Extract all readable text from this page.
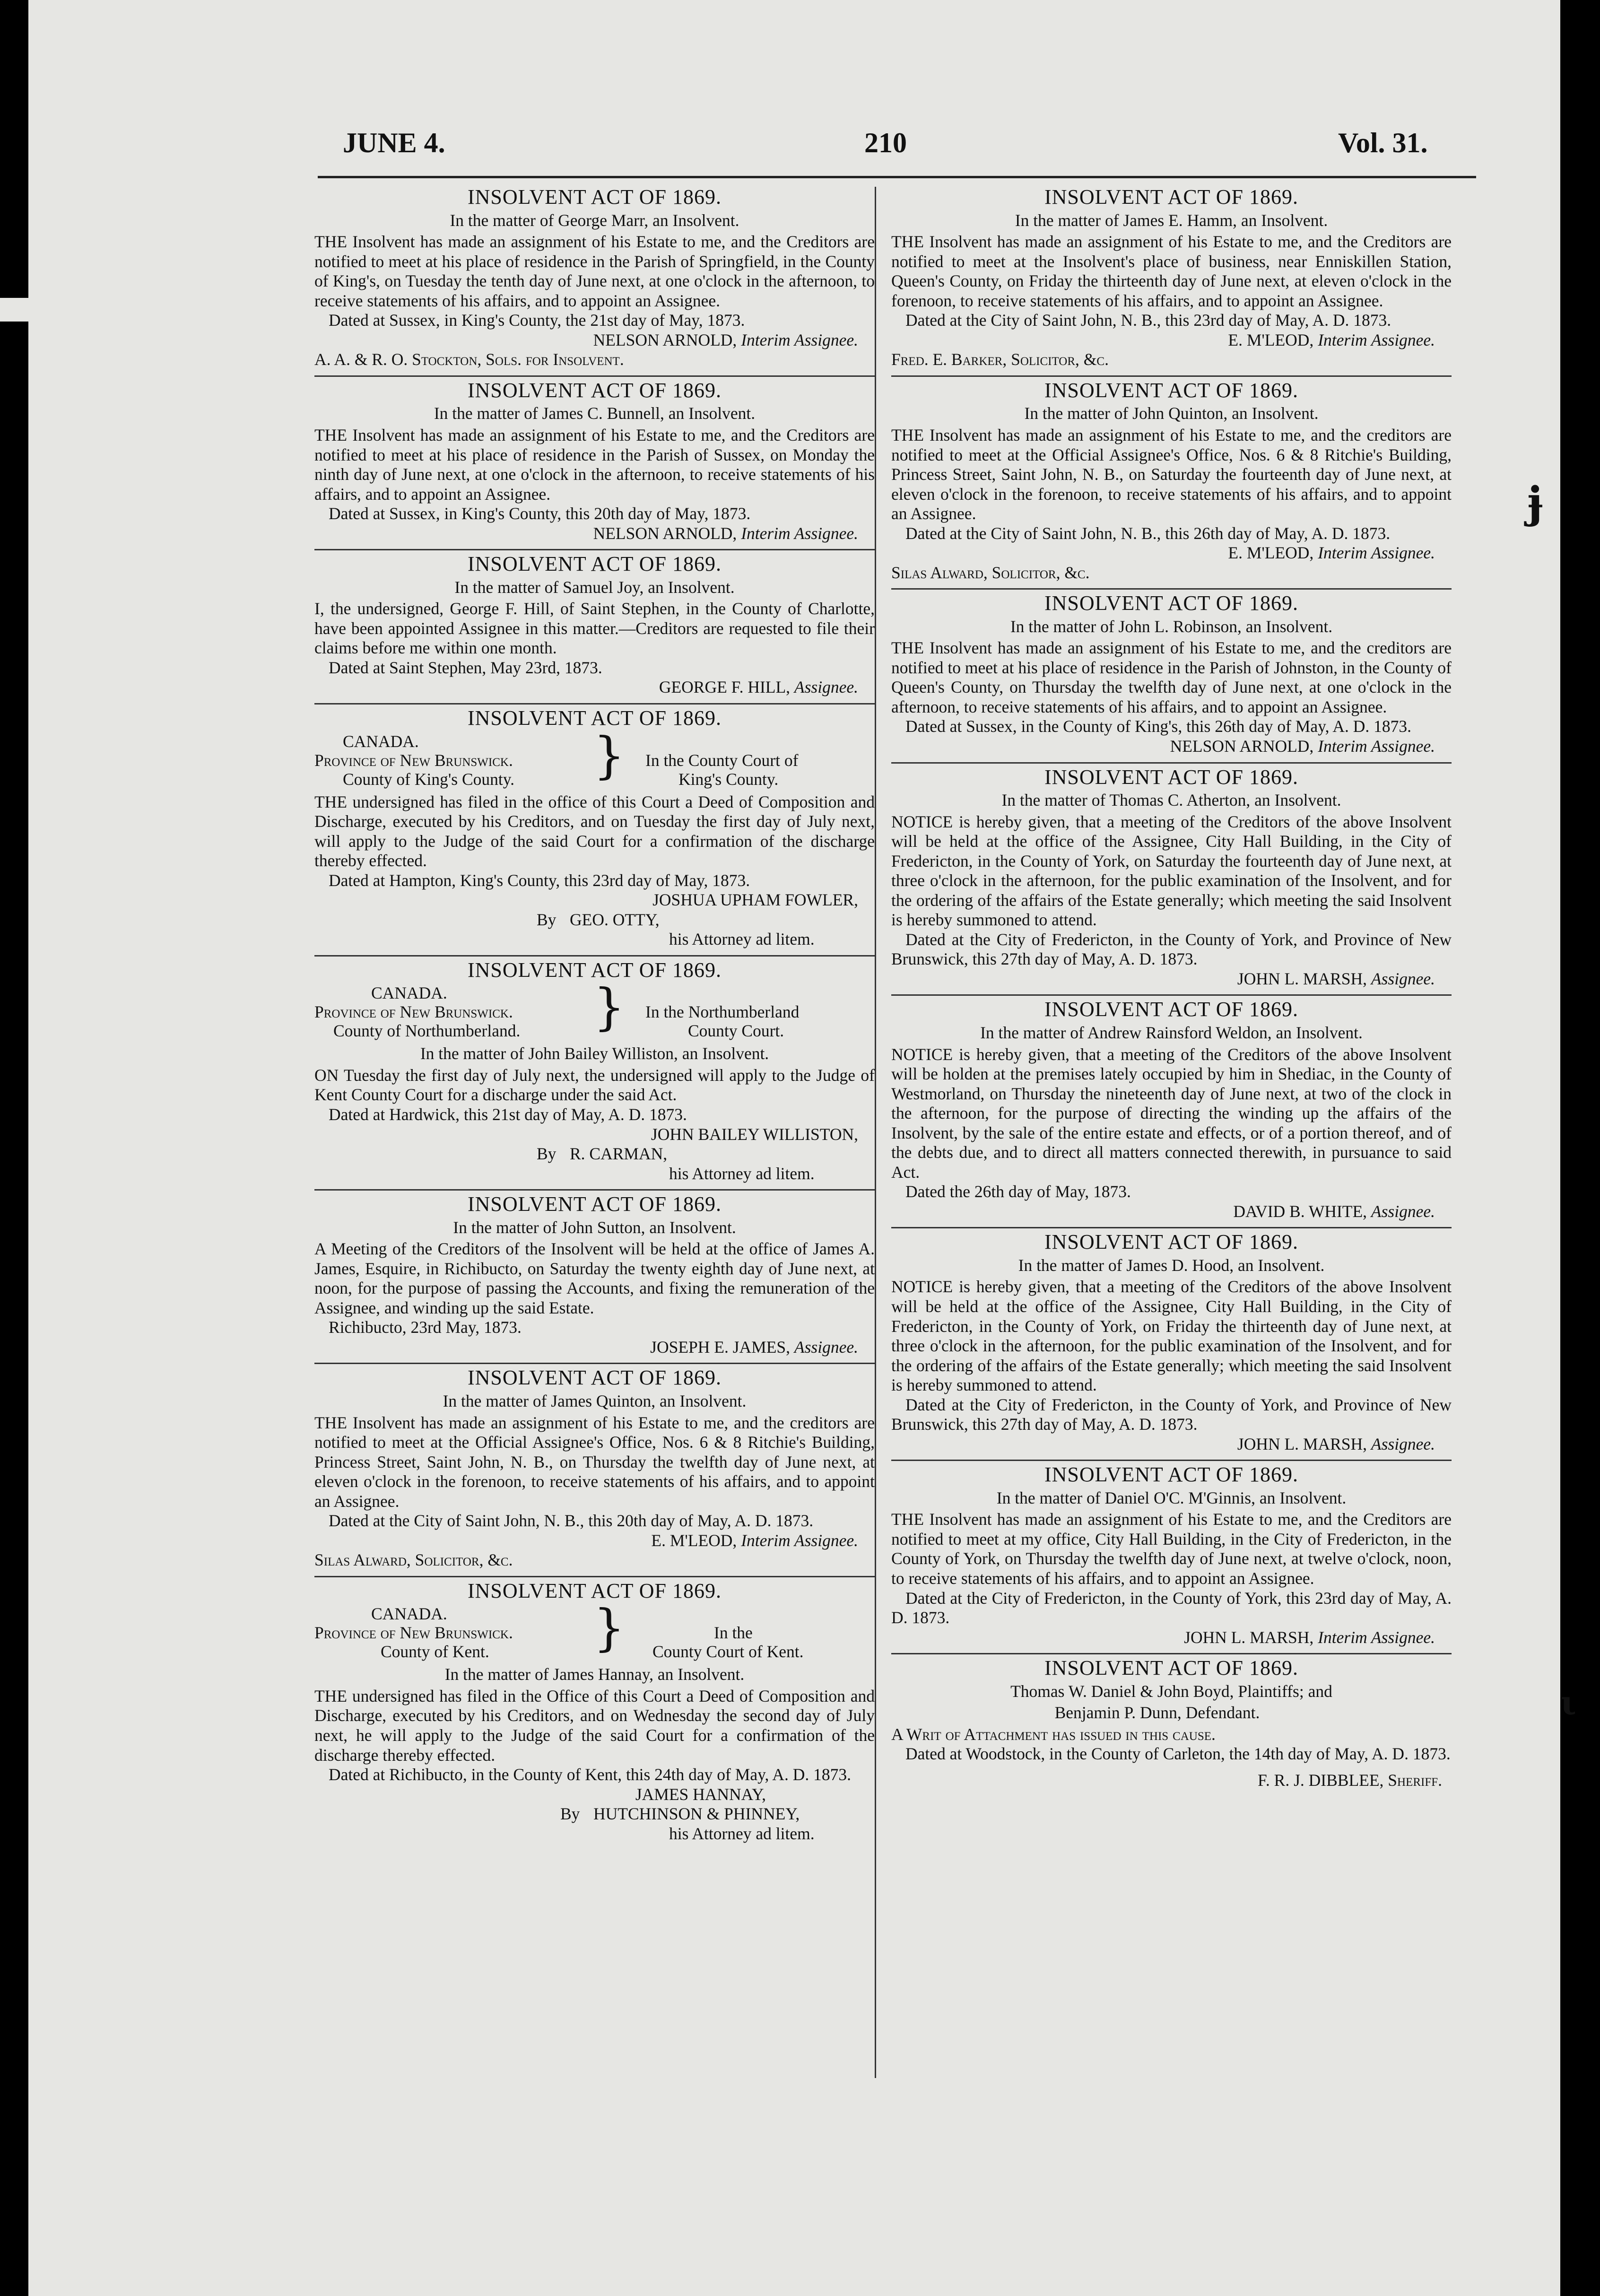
JUNE 4.	210	Vol. 31.

INSOLVENT ACT OF 1869.

In the matter of George Marr, an Insolvent.

THE Insolvent has made an assignment of his Estate to me, and the Creditors are notified to meet at his place of residence in the Parish of Springfield, in the County of King's, on Tuesday the tenth day of June next, at one o'clock in the afternoon, to receive statements of his affairs, and to appoint an Assignee.

Dated at Sussex, in King's County, the 21st day of May, 1873.

NELSON ARNOLD, Interim Assignee.

A. A. & R. O. Stockton, Sols. for Insolvent.

INSOLVENT ACT OF 1869.

In the matter of James C. Bunnell, an Insolvent.

THE Insolvent has made an assignment of his Estate to me, and the Creditors are notified to meet at his place of residence in the Parish of Sussex, on Monday the ninth day of June next, at one o'clock in the afternoon, to receive statements of his affairs, and to appoint an Assignee.

Dated at Sussex, in King's County, this 20th day of May, 1873.

NELSON ARNOLD, Interim Assignee.

INSOLVENT ACT OF 1869.

In the matter of Samuel Joy, an Insolvent.

I, the undersigned, George F. Hill, of Saint Stephen, in the County of Charlotte, have been appointed Assignee in this matter.—Creditors are requested to file their claims before me within one month.

Dated at Saint Stephen, May 23rd, 1873.

GEORGE F. HILL, Assignee.

INSOLVENT ACT OF 1869.

CANADA.
Province of New Brunswick.
County of King's County. } In the County Court of
King's County.

THE undersigned has filed in the office of this Court a Deed of Composition and Discharge, executed by his Creditors, and on Tuesday the first day of July next, will apply to the Judge of the said Court for a confirmation of the discharge thereby effected.

Dated at Hampton, King's County, this 23rd day of May, 1873.

JOSHUA UPHAM FOWLER,

By GEO. OTTY,

his Attorney ad litem.

INSOLVENT ACT OF 1869.

CANADA.
Province of New Brunswick.
County of Northumberland. } In the Northumberland
County Court.

In the matter of John Bailey Williston, an Insolvent.

ON Tuesday the first day of July next, the undersigned will apply to the Judge of Kent County Court for a discharge under the said Act.

Dated at Hardwick, this 21st day of May, A. D. 1873.

JOHN BAILEY WILLISTON,

By R. CARMAN,

his Attorney ad litem.

INSOLVENT ACT OF 1869.

In the matter of John Sutton, an Insolvent.

A Meeting of the Creditors of the Insolvent will be held at the office of James A. James, Esquire, in Richibucto, on Saturday the twenty eighth day of June next, at noon, for the purpose of passing the Accounts, and fixing the remuneration of the Assignee, and winding up the said Estate.

Richibucto, 23rd May, 1873.

JOSEPH E. JAMES, Assignee.

INSOLVENT ACT OF 1869.

In the matter of James Quinton, an Insolvent.

THE Insolvent has made an assignment of his Estate to me, and the creditors are notified to meet at the Official Assignee's Office, Nos. 6 & 8 Ritchie's Building, Princess Street, Saint John, N. B., on Thursday the twelfth day of June next, at eleven o'clock in the forenoon, to receive statements of his affairs, and to appoint an Assignee.

Dated at the City of Saint John, N. B., this 20th day of May, A. D. 1873.

E. M'LEOD, Interim Assignee.

Silas Alward, Solicitor, &c.

INSOLVENT ACT OF 1869.

CANADA.
Province of New Brunswick.
County of Kent. }	In the
County Court of Kent.

In the matter of James Hannay, an Insolvent.

THE undersigned has filed in the Office of this Court a Deed of Composition and Discharge, executed by his Creditors, and on Wednesday the second day of July next, he will apply to the Judge of the said Court for a confirmation of the discharge thereby effected.

Dated at Richibucto, in the County of Kent, this 24th day of May, A. D. 1873.

JAMES HANNAY,

By HUTCHINSON & PHINNEY,

his Attorney ad litem.

INSOLVENT ACT OF 1869.

In the matter of James E. Hamm, an Insolvent.

THE Insolvent has made an assignment of his Estate to me, and the Creditors are notified to meet at the Insolvent's place of business, near Enniskillen Station, Queen's County, on Friday the thirteenth day of June next, at eleven o'clock in the forenoon, to receive statements of his affairs, and to appoint an Assignee.

Dated at the City of Saint John, N. B., this 23rd day of May, A. D. 1873.

E. M'LEOD, Interim Assignee.

Fred. E. Barker, Solicitor, &c.

INSOLVENT ACT OF 1869.

In the matter of John Quinton, an Insolvent.

THE Insolvent has made an assignment of his Estate to me, and the creditors are notified to meet at the Official Assignee's Office, Nos. 6 & 8 Ritchie's Building, Princess Street, Saint John, N. B., on Saturday the fourteenth day of June next, at eleven o'clock in the forenoon, to receive statements of his affairs, and to appoint an Assignee.

Dated at the City of Saint John, N. B., this 26th day of May, A. D. 1873.

E. M'LEOD, Interim Assignee.

Silas Alward, Solicitor, &c.

INSOLVENT ACT OF 1869.

In the matter of John L. Robinson, an Insolvent.

THE Insolvent has made an assignment of his Estate to me, and the creditors are notified to meet at his place of residence in the Parish of Johnston, in the County of Queen's County, on Thursday the twelfth day of June next, at one o'clock in the afternoon, to receive statements of his affairs, and to appoint an Assignee.

Dated at Sussex, in the County of King's, this 26th day of May, A. D. 1873.

NELSON ARNOLD, Interim Assignee.

INSOLVENT ACT OF 1869.

In the matter of Thomas C. Atherton, an Insolvent.

NOTICE is hereby given, that a meeting of the Creditors of the above Insolvent will be held at the office of the Assignee, City Hall Building, in the City of Fredericton, in the County of York, on Saturday the fourteenth day of June next, at three o'clock in the afternoon, for the public examination of the Insolvent, and for the ordering of the affairs of the Estate generally; which meeting the said Insolvent is hereby summoned to attend.

Dated at the City of Fredericton, in the County of York, and Province of New Brunswick, this 27th day of May, A. D. 1873.

JOHN L. MARSH, Assignee.

INSOLVENT ACT OF 1869.

In the matter of Andrew Rainsford Weldon, an Insolvent.

NOTICE is hereby given, that a meeting of the Creditors of the above Insolvent will be holden at the premises lately occupied by him in Shediac, in the County of Westmorland, on Thursday the nineteenth day of June next, at two of the clock in the afternoon, for the purpose of directing the winding up the affairs of the Insolvent, by the sale of the entire estate and effects, or of a portion thereof, and of the debts due, and to direct all matters connected therewith, in pursuance to said Act.

Dated the 26th day of May, 1873.

DAVID B. WHITE, Assignee.

INSOLVENT ACT OF 1869.

In the matter of James D. Hood, an Insolvent.

NOTICE is hereby given, that a meeting of the Creditors of the above Insolvent will be held at the office of the Assignee, City Hall Building, in the City of Fredericton, in the County of York, on Friday the thirteenth day of June next, at three o'clock in the afternoon, for the public examination of the Insolvent, and for the ordering of the affairs of the Estate generally; which meeting the said Insolvent is hereby summoned to attend.

Dated at the City of Fredericton, in the County of York, and Province of New Brunswick, this 27th day of May, A. D. 1873.

JOHN L. MARSH, Assignee.

INSOLVENT ACT OF 1869.

In the matter of Daniel O'C. M'Ginnis, an Insolvent.

THE Insolvent has made an assignment of his Estate to me, and the Creditors are notified to meet at my office, City Hall Building, in the City of Fredericton, in the County of York, on Thursday the twelfth day of June next, at twelve o'clock, noon, to receive statements of his affairs, and to appoint an Assignee.

Dated at the City of Fredericton, in the County of York, this 23rd day of May, A. D. 1873.

JOHN L. MARSH, Interim Assignee.

INSOLVENT ACT OF 1869.

Thomas W. Daniel & John Boyd, Plaintiffs; and

Benjamin P. Dunn, Defendant.

A Writ of Attachment has issued in this cause.

Dated at Woodstock, in the County of Carleton, the 14th day of May, A. D. 1873.

F. R. J. DIBBLEE, Sheriff.

ɉ
ι
